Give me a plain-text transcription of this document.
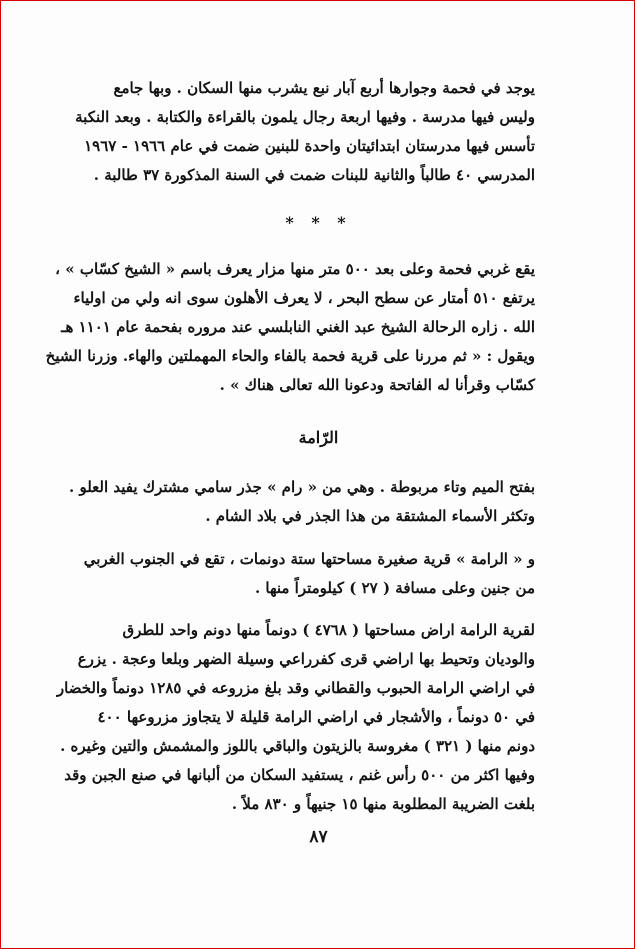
يوجد في فحمة وجوارها أربع آبار نبع يشرب منها السكان . وبها جامع
وليس فيها مدرسة . وفيها اربعة رجال يلمون بالقراءة والكتابة . وبعد النكبة
تأسس فيها مدرستان ابتدائيتان واحدة للبنين ضمت في عام ١٩٦٦ - ١٩٦٧
المدرسي ٤٠ طالباً والثانية للبنات ضمت في السنة المذكورة ٣٧ طالبة .
* * *
يقع غربي فحمة وعلى بعد ٥٠٠ متر منها مزار يعرف باسم « الشيخ كسّاب » ،
يرتفع ٥١٠ أمتار عن سطح البحر ، لا يعرف الأهلون سوى انه ولي من اولياء
الله . زاره الرحالة الشيخ عبد الغني النابلسي عند مروره بفحمة عام ١١٠١ هـ
ويقول : « ثم مررنا على قرية فحمة بالفاء والحاء المهملتين والهاء. وزرنا الشيخ
كسّاب وقرأنا له الفاتحة ودعونا الله تعالى هناك » .
الرّامة
بفتح الميم وتاء مربوطة . وهي من « رام » جذر سامي مشترك يفيد العلو .
وتكثر الأسماء المشتقة من هذا الجذر في بلاد الشام .
و « الرامة » قرية صغيرة مساحتها ستة دونمات ، تقع في الجنوب الغربي
من جنين وعلى مسافة ( ٢٧ ) كيلومتراً منها .
لقرية الرامة اراض مساحتها ( ٤٧٦٨ ) دونماً منها دونم واحد للطرق
والوديان وتحيط بها اراضي قرى كفرراعي وسيلة الضهر وبلعا وعجة . يزرع
في اراضي الرامة الحبوب والقطاني وقد بلغ مزروعه في ١٢٨٥ دونماً والخضار
في ٥٠ دونماً ، والأشجار في اراضي الرامة قليلة لا يتجاوز مزروعها ٤٠٠
دونم منها ( ٣٢١ ) مغروسة بالزيتون والباقي باللوز والمشمش والتين وغيره .
وفيها اكثر من ٥٠٠ رأس غنم ، يستفيد السكان من ألبانها في صنع الجبن وقد
بلغت الضريبة المطلوبة منها ١٥ جنيهاً و ٨٣٠ ملاً .
٨٧
